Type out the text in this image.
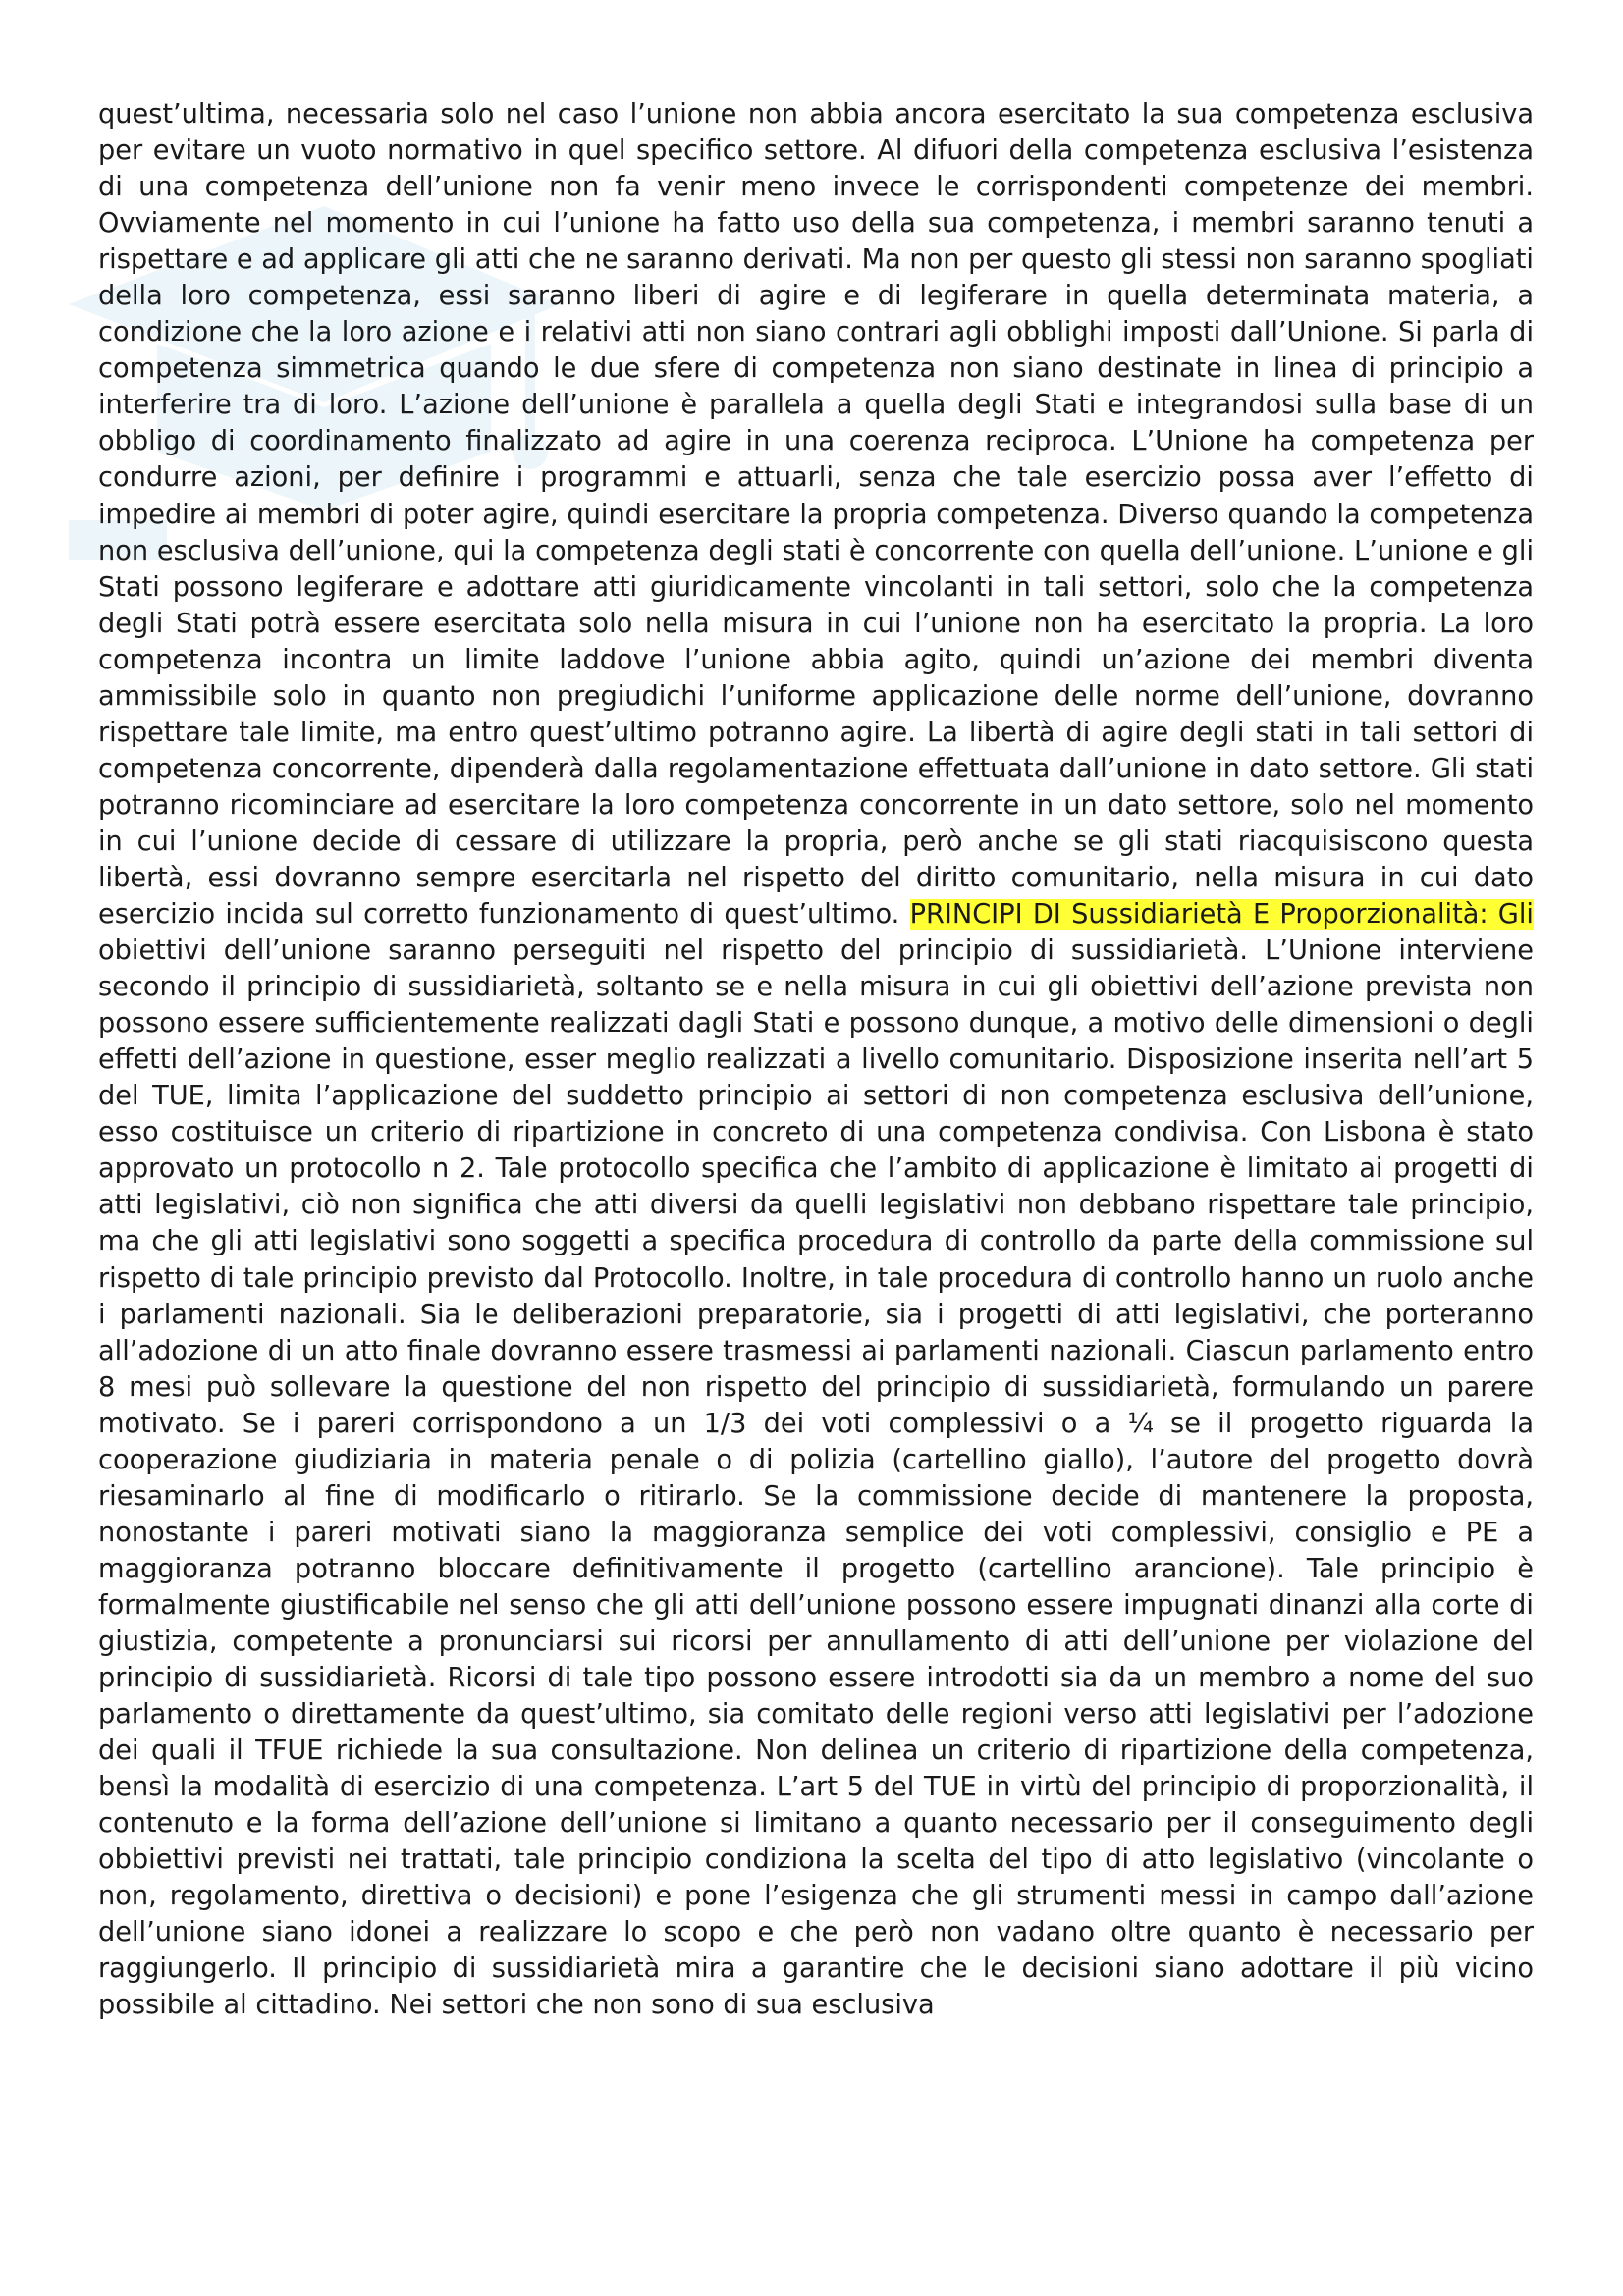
quest’ultima, necessaria solo nel caso l’unione non abbia ancora esercitato la sua competenza esclusiva per evitare un vuoto normativo in quel specifico settore. Al difuori della competenza esclusiva l’esistenza di una competenza dell’unione non fa venir meno invece le corrispondenti competenze dei membri. Ovviamente nel momento in cui l’unione ha fatto uso della sua competenza, i membri saranno tenuti a rispettare e ad applicare gli atti che ne saranno derivati. Ma non per questo gli stessi non saranno spogliati della loro competenza, essi saranno liberi di agire e di legiferare in quella determinata materia, a condizione che la loro azione e i relativi atti non siano contrari agli obblighi imposti dall’Unione. Si parla di competenza simmetrica quando le due sfere di competenza non siano destinate in linea di principio a interferire tra di loro. L’azione dell’unione è parallela a quella degli Stati e integrandosi sulla base di un obbligo di coordinamento finalizzato ad agire in una coerenza reciproca. L’Unione ha competenza per condurre azioni, per definire i programmi e attuarli, senza che tale esercizio possa aver l’effetto di impedire ai membri di poter agire, quindi esercitare la propria competenza. Diverso quando la competenza non esclusiva dell’unione, qui la competenza degli stati è concorrente con quella dell’unione. L’unione e gli Stati possono legiferare e adottare atti giuridicamente vincolanti in tali settori, solo che la competenza degli Stati potrà essere esercitata solo nella misura in cui l’unione non ha esercitato la propria. La loro competenza incontra un limite laddove l’unione abbia agito, quindi un’azione dei membri diventa ammissibile solo in quanto non pregiudichi l’uniforme applicazione delle norme dell’unione, dovranno rispettare tale limite, ma entro quest’ultimo potranno agire. La libertà di agire degli stati in tali settori di competenza concorrente, dipenderà dalla regolamentazione effettuata dall’unione in dato settore. Gli stati potranno ricominciare ad esercitare la loro competenza concorrente in un dato settore, solo nel momento in cui l’unione decide di cessare di utilizzare la propria, però anche se gli stati riacquisiscono questa libertà, essi dovranno sempre esercitarla nel rispetto del diritto comunitario, nella misura in cui dato esercizio incida sul corretto funzionamento di quest’ultimo. PRINCIPI DI Sussidiarietà E Proporzionalità: Gli obiettivi dell’unione saranno perseguiti nel rispetto del principio di sussidiarietà. L’Unione interviene secondo il principio di sussidiarietà, soltanto se e nella misura in cui gli obiettivi dell’azione prevista non possono essere sufficientemente realizzati dagli Stati e possono dunque, a motivo delle dimensioni o degli effetti dell’azione in questione, esser meglio realizzati a livello comunitario. Disposizione inserita nell’art 5 del TUE, limita l’applicazione del suddetto principio ai settori di non competenza esclusiva dell’unione, esso costituisce un criterio di ripartizione in concreto di una competenza condivisa. Con Lisbona è stato approvato un protocollo n 2. Tale protocollo specifica che l’ambito di applicazione è limitato ai progetti di atti legislativi, ciò non significa che atti diversi da quelli legislativi non debbano rispettare tale principio, ma che gli atti legislativi sono soggetti a specifica procedura di controllo da parte della commissione sul rispetto di tale principio previsto dal Protocollo. Inoltre, in tale procedura di controllo hanno un ruolo anche i parlamenti nazionali. Sia le deliberazioni preparatorie, sia i progetti di atti legislativi, che porteranno all’adozione di un atto finale dovranno essere trasmessi ai parlamenti nazionali. Ciascun parlamento entro 8 mesi può sollevare la questione del non rispetto del principio di sussidiarietà, formulando un parere motivato. Se i pareri corrispondono a un 1/3 dei voti complessivi o a ¼ se il progetto riguarda la cooperazione giudiziaria in materia penale o di polizia (cartellino giallo), l’autore del progetto dovrà riesaminarlo al fine di modificarlo o ritirarlo. Se la commissione decide di mantenere la proposta, nonostante i pareri motivati siano la maggioranza semplice dei voti complessivi, consiglio e PE a maggioranza potranno bloccare definitivamente il progetto (cartellino arancione). Tale principio è formalmente giustificabile nel senso che gli atti dell’unione possono essere impugnati dinanzi alla corte di giustizia, competente a pronunciarsi sui ricorsi per annullamento di atti dell’unione per violazione del principio di sussidiarietà. Ricorsi di tale tipo possono essere introdotti sia da un membro a nome del suo parlamento o direttamente da quest’ultimo, sia comitato delle regioni verso atti legislativi per l’adozione dei quali il TFUE richiede la sua consultazione. Non delinea un criterio di ripartizione della competenza, bensì la modalità di esercizio di una competenza. L’art 5 del TUE in virtù del principio di proporzionalità, il contenuto e la forma dell’azione dell’unione si limitano a quanto necessario per il conseguimento degli obbiettivi previsti nei trattati, tale principio condiziona la scelta del tipo di atto legislativo (vincolante o non, regolamento, direttiva o decisioni) e pone l’esigenza che gli strumenti messi in campo dall’azione dell’unione siano idonei a realizzare lo scopo e che però non vadano oltre quanto è necessario per raggiungerlo. Il principio di sussidiarietà mira a garantire che le decisioni siano adottare il più vicino possibile al cittadino. Nei settori che non sono di sua esclusiva
